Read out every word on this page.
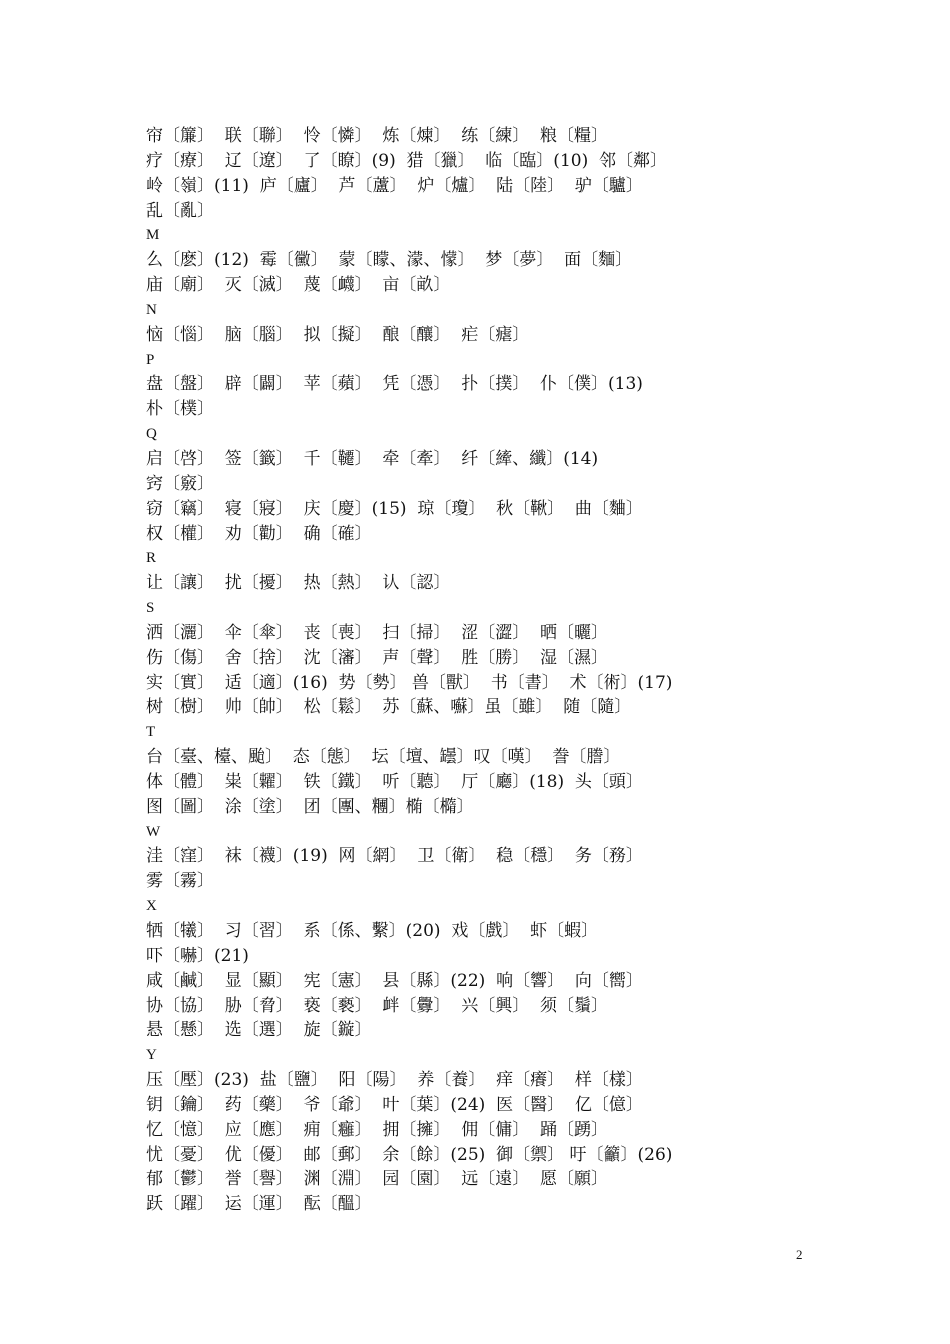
帘〔簾〕  联〔聯〕  怜〔憐〕  炼〔煉〕  练〔練〕  粮〔糧〕
疗〔療〕  辽〔遼〕  了〔瞭〕(9)  猎〔獵〕  临〔臨〕(10)  邻〔鄰〕
岭〔嶺〕(11)  庐〔廬〕  芦〔蘆〕  炉〔爐〕  陆〔陸〕  驴〔驢〕
乱〔亂〕
M
么〔麽〕(12)  霉〔黴〕  蒙〔矇、濛、懞〕  梦〔夢〕  面〔麵〕
庙〔廟〕  灭〔滅〕  蔑〔衊〕  亩〔畝〕
N
恼〔惱〕  脑〔腦〕  拟〔擬〕  酿〔釀〕  疟〔瘧〕
P
盘〔盤〕  辟〔闢〕  苹〔蘋〕  凭〔憑〕  扑〔撲〕  仆〔僕〕(13)
朴〔樸〕
Q
启〔啓〕  签〔籤〕  千〔韆〕  牵〔牽〕  纤〔縴、纖〕(14)
窍〔竅〕
窃〔竊〕  寝〔寢〕  庆〔慶〕(15)  琼〔瓊〕  秋〔鞦〕  曲〔麯〕
权〔權〕  劝〔勸〕  确〔確〕
R
让〔讓〕  扰〔擾〕  热〔熱〕  认〔認〕
S
洒〔灑〕  伞〔傘〕  丧〔喪〕  扫〔掃〕  涩〔澀〕  晒〔曬〕
伤〔傷〕  舍〔捨〕  沈〔瀋〕  声〔聲〕  胜〔勝〕  湿〔濕〕
实〔實〕  适〔適〕(16)  势〔勢〕 兽〔獸〕  书〔書〕  术〔術〕(17)
树〔樹〕  帅〔帥〕  松〔鬆〕  苏〔蘇、囌〕虽〔雖〕  随〔隨〕
T
台〔臺、檯、颱〕  态〔態〕  坛〔壇、罎〕叹〔嘆〕  誊〔謄〕
体〔體〕  粜〔糶〕  铁〔鐵〕  听〔聽〕  厅〔廳〕(18)  头〔頭〕
图〔圖〕  涂〔塗〕  团〔團、糰〕椭〔橢〕
W
洼〔窪〕  袜〔襪〕(19)  网〔網〕  卫〔衛〕  稳〔穩〕  务〔務〕
雾〔霧〕
X
牺〔犧〕  习〔習〕  系〔係、繫〕(20)  戏〔戲〕  虾〔蝦〕
吓〔嚇〕(21)
咸〔鹹〕  显〔顯〕  宪〔憲〕  县〔縣〕(22)  响〔響〕  向〔嚮〕
协〔協〕  胁〔脅〕  亵〔褻〕  衅〔釁〕  兴〔興〕  须〔鬚〕
悬〔懸〕  选〔選〕  旋〔鏇〕
Y
压〔壓〕(23)  盐〔鹽〕  阳〔陽〕  养〔養〕  痒〔癢〕  样〔樣〕
钥〔鑰〕  药〔藥〕  爷〔爺〕  叶〔葉〕(24)  医〔醫〕  亿〔億〕
忆〔憶〕  应〔應〕  痈〔癰〕  拥〔擁〕  佣〔傭〕  踊〔踴〕
忧〔憂〕  优〔優〕  邮〔郵〕  余〔餘〕(25)  御〔禦〕 吁〔籲〕(26)
郁〔鬱〕  誉〔譽〕  渊〔淵〕  园〔園〕  远〔遠〕  愿〔願〕
跃〔躍〕  运〔運〕  酝〔醞〕
2
